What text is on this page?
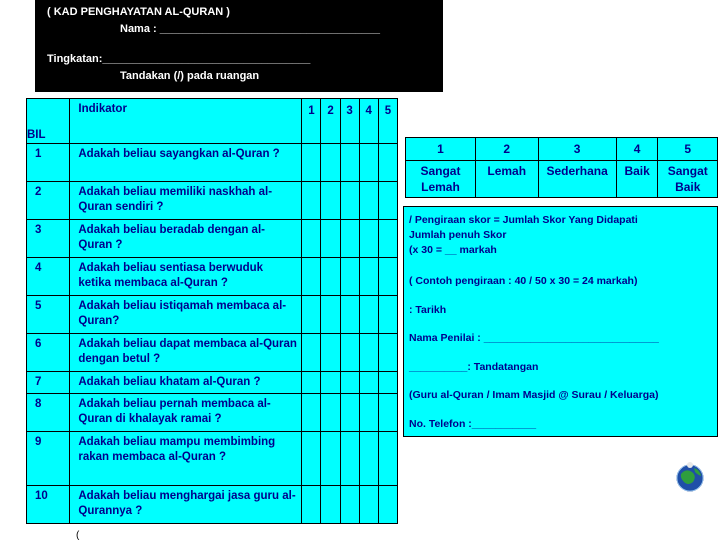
( KAD PENGHAYATAN AL-QURAN )
Nama : ____________________________________
Tingkatan:__________________________________
Tandakan (/) pada ruangan
BIL	Indikator	1	2	3	4	5
1	Adakah beliau sayangkan al-Quran ?					
2	Adakah beliau memiliki naskhah al-Quran sendiri ?					
3	Adakah beliau beradab dengan al-Quran ?					
4	Adakah beliau sentiasa berwuduk ketika membaca al-Quran ?					
5	Adakah beliau istiqamah membaca al-Quran?					
6	Adakah beliau dapat membaca al-Quran dengan betul ?					
7	Adakah beliau khatam al-Quran ?					
8	Adakah beliau pernah membaca al-Quran di khalayak ramai ?					
9	Adakah beliau mampu membimbing rakan membaca al-Quran ?					
10	Adakah beliau menghargai jasa guru al-Qurannya ?					
1	2	3	4	5
Sangat Lemah	Lemah	Sederhana	Baik	Sangat Baik
/ Pengiraan skor = Jumlah Skor Yang Didapati
Jumlah penuh Skor
(x 30 = __ markah
( Contoh pengiraan : 40 / 50 x 30 = 24 markah)
: Tarikh
Nama Penilai : ______________________________
__________: Tandatangan
(Guru al-Quran / Imam Masjid @ Surau / Keluarga)
No. Telefon :___________
(
